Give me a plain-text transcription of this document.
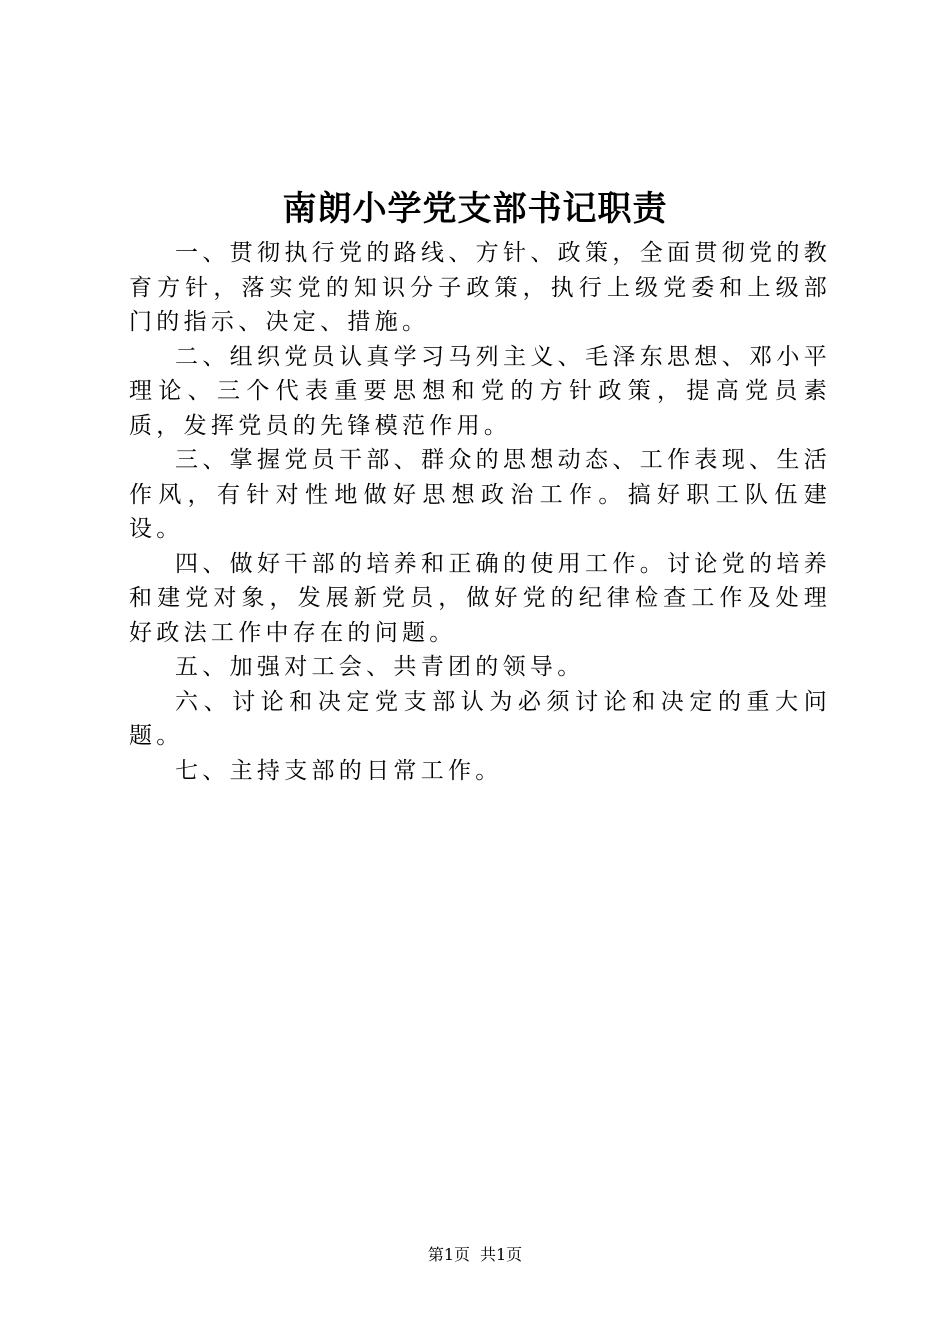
南朗小学党支部书记职责

一、贯彻执行党的路线、方针、政策，全面贯彻党的教育方针，落实党的知识分子政策，执行上级党委和上级部门的指示、决定、措施。

二、组织党员认真学习马列主义、毛泽东思想、邓小平理论、三个代表重要思想和党的方针政策，提高党员素质，发挥党员的先锋模范作用。

三、掌握党员干部、群众的思想动态、工作表现、生活作风，有针对性地做好思想政治工作。搞好职工队伍建设。

四、做好干部的培养和正确的使用工作。讨论党的培养和建党对象，发展新党员，做好党的纪律检查工作及处理好政法工作中存在的问题。

五、加强对工会、共青团的领导。

六、讨论和决定党支部认为必须讨论和决定的重大问题。

七、主持支部的日常工作。

第1页 共1页
